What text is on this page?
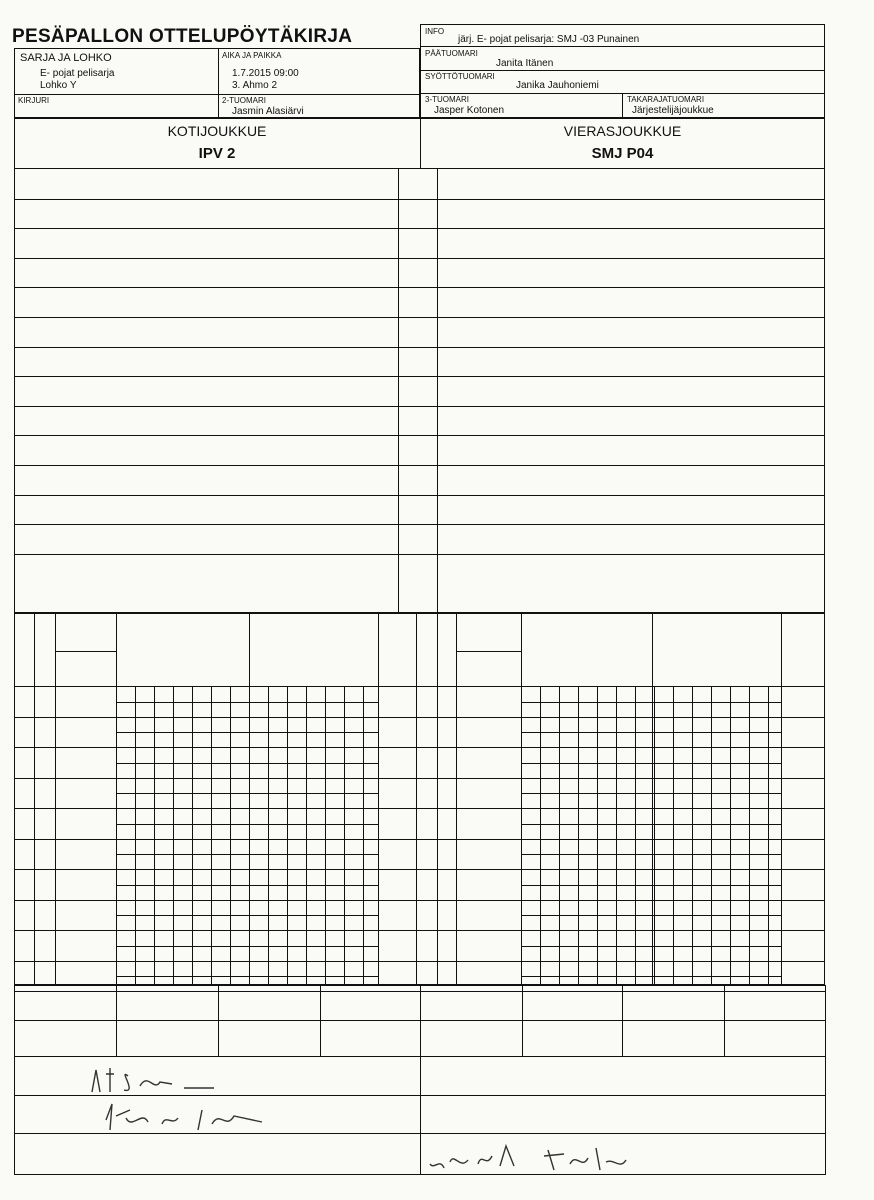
PESÄPALLON OTTELUPÖYTÄKIRJA
SARJA JA LOHKO
E- pojat pelisarja
Lohko Y
AIKA JA PAIKKA
1.7.2015 09:00
3. Ahmo 2
KIRJURI	2-TUOMARI
Jasmin Alasiärvi
INFO
järj. E- pojat pelisarja: SMJ -03 Punainen
PÄÄTUOMARI
Janita Itänen
SYÖTTÖTUOMARI
Janika Jauhoniemi
3-TUOMARI
Jasper Kotonen
TAKARAJATUOMARI
Järjestelijäjoukkue
KOTIJOUKKUE
IPV 2
VIERASJOUKKUE
SMJ P04
